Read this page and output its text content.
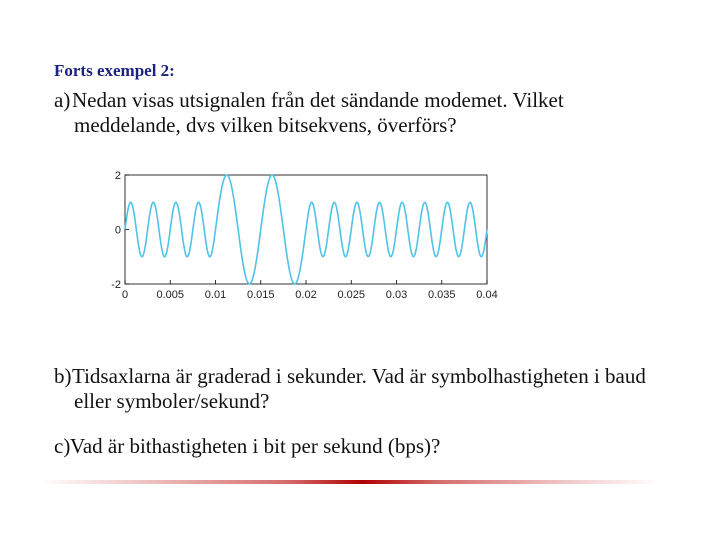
Forts exempel 2:
a) Nedan visas utsignalen från det sändande modemet. Vilket
meddelande, dvs vilken bitsekvens, överförs?
2
0
-2
0	0.005 0.01 0.015 0.02 0.025 0.03 0.035 0.04
b) Tidsaxlarna är graderad i sekunder. Vad är symbolhastigheten i baud
eller symboler/sekund?
c) Vad är bithastigheten i bit per sekund (bps)?
